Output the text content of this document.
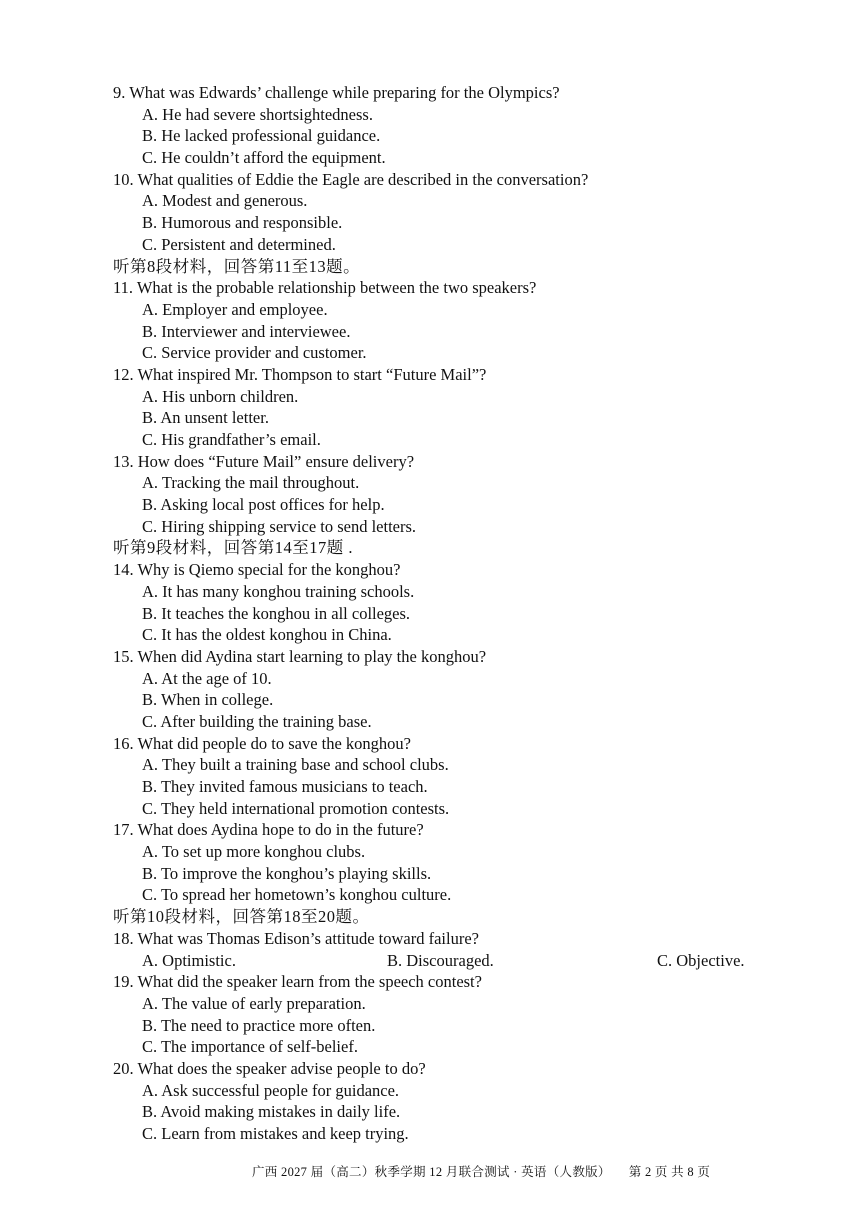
9. What was Edwards’ challenge while preparing for the Olympics?
A. He had severe shortsightedness.
B. He lacked professional guidance.
C. He couldn’t afford the equipment.
10. What qualities of Eddie the Eagle are described in the conversation?
A. Modest and generous.
B. Humorous and responsible.
C. Persistent and determined.
听第8段材料，回答第11至13题。
11. What is the probable relationship between the two speakers?
A. Employer and employee.
B. Interviewer and interviewee.
C. Service provider and customer.
12. What inspired Mr. Thompson to start “Future Mail”?
A. His unborn children.
B. An unsent letter.
C. His grandfather’s email.
13. How does “Future Mail” ensure delivery?
A. Tracking the mail throughout.
B. Asking local post offices for help.
C. Hiring shipping service to send letters.
听第9段材料，回答第14至17题 .
14. Why is Qiemo special for the konghou?
A. It has many konghou training schools.
B. It teaches the konghou in all colleges.
C. It has the oldest konghou in China.
15. When did Aydina start learning to play the konghou?
A. At the age of 10.
B. When in college.
C. After building the training base.
16. What did people do to save the konghou?
A. They built a training base and school clubs.
B. They invited famous musicians to teach.
C. They held international promotion contests.
17. What does Aydina hope to do in the future?
A. To set up more konghou clubs.
B. To improve the konghou’s playing skills.
C. To spread her hometown’s konghou culture.
听第10段材料，回答第18至20题。
18. What was Thomas Edison’s attitude toward failure?
A. Optimistic.	B. Discouraged.	C. Objective.
19. What did the speaker learn from the speech contest?
A. The value of early preparation.
B. The need to practice more often.
C. The importance of self-belief.
20. What does the speaker advise people to do?
A. Ask successful people for guidance.
B. Avoid making mistakes in daily life.
C. Learn from mistakes and keep trying.
广西 2027 届（高二）秋季学期 12 月联合测试 · 英语（人教版） 第 2 页 共 8 页
